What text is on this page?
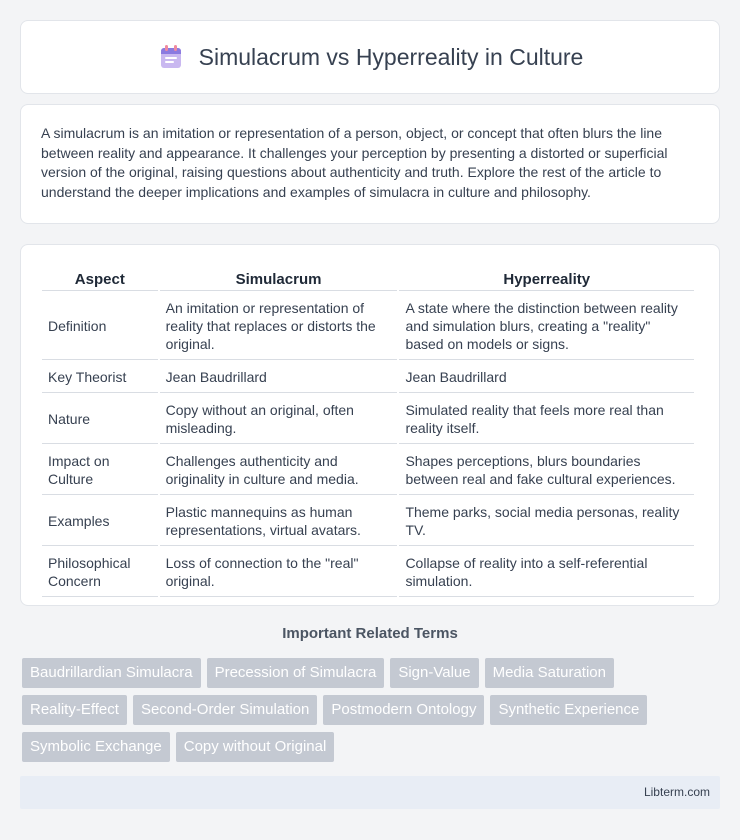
Simulacrum vs Hyperreality in Culture

A simulacrum is an imitation or representation of a person, object, or concept that often blurs the line between reality and appearance. It challenges your perception by presenting a distorted or superficial version of the original, raising questions about authenticity and truth. Explore the rest of the article to understand the deeper implications and examples of simulacra in culture and philosophy.

Aspect	Simulacrum	Hyperreality
Definition	An imitation or representation of reality that replaces or distorts the original.	A state where the distinction between reality and simulation blurs, creating a "reality" based on models or signs.
Key Theorist	Jean Baudrillard	Jean Baudrillard
Nature	Copy without an original, often misleading.	Simulated reality that feels more real than reality itself.
Impact on Culture	Challenges authenticity and originality in culture and media.	Shapes perceptions, blurs boundaries between real and fake cultural experiences.
Examples	Plastic mannequins as human representations, virtual avatars.	Theme parks, social media personas, reality TV.
Philosophical Concern	Loss of connection to the "real" original.	Collapse of reality into a self-referential simulation.
Important Related Terms
Baudrillardian Simulacra	Precession of Simulacra	Sign-Value	Media Saturation
Reality-Effect	Second-Order Simulation	Postmodern Ontology	Synthetic Experience
Symbolic Exchange	Copy without Original
Libterm.com
